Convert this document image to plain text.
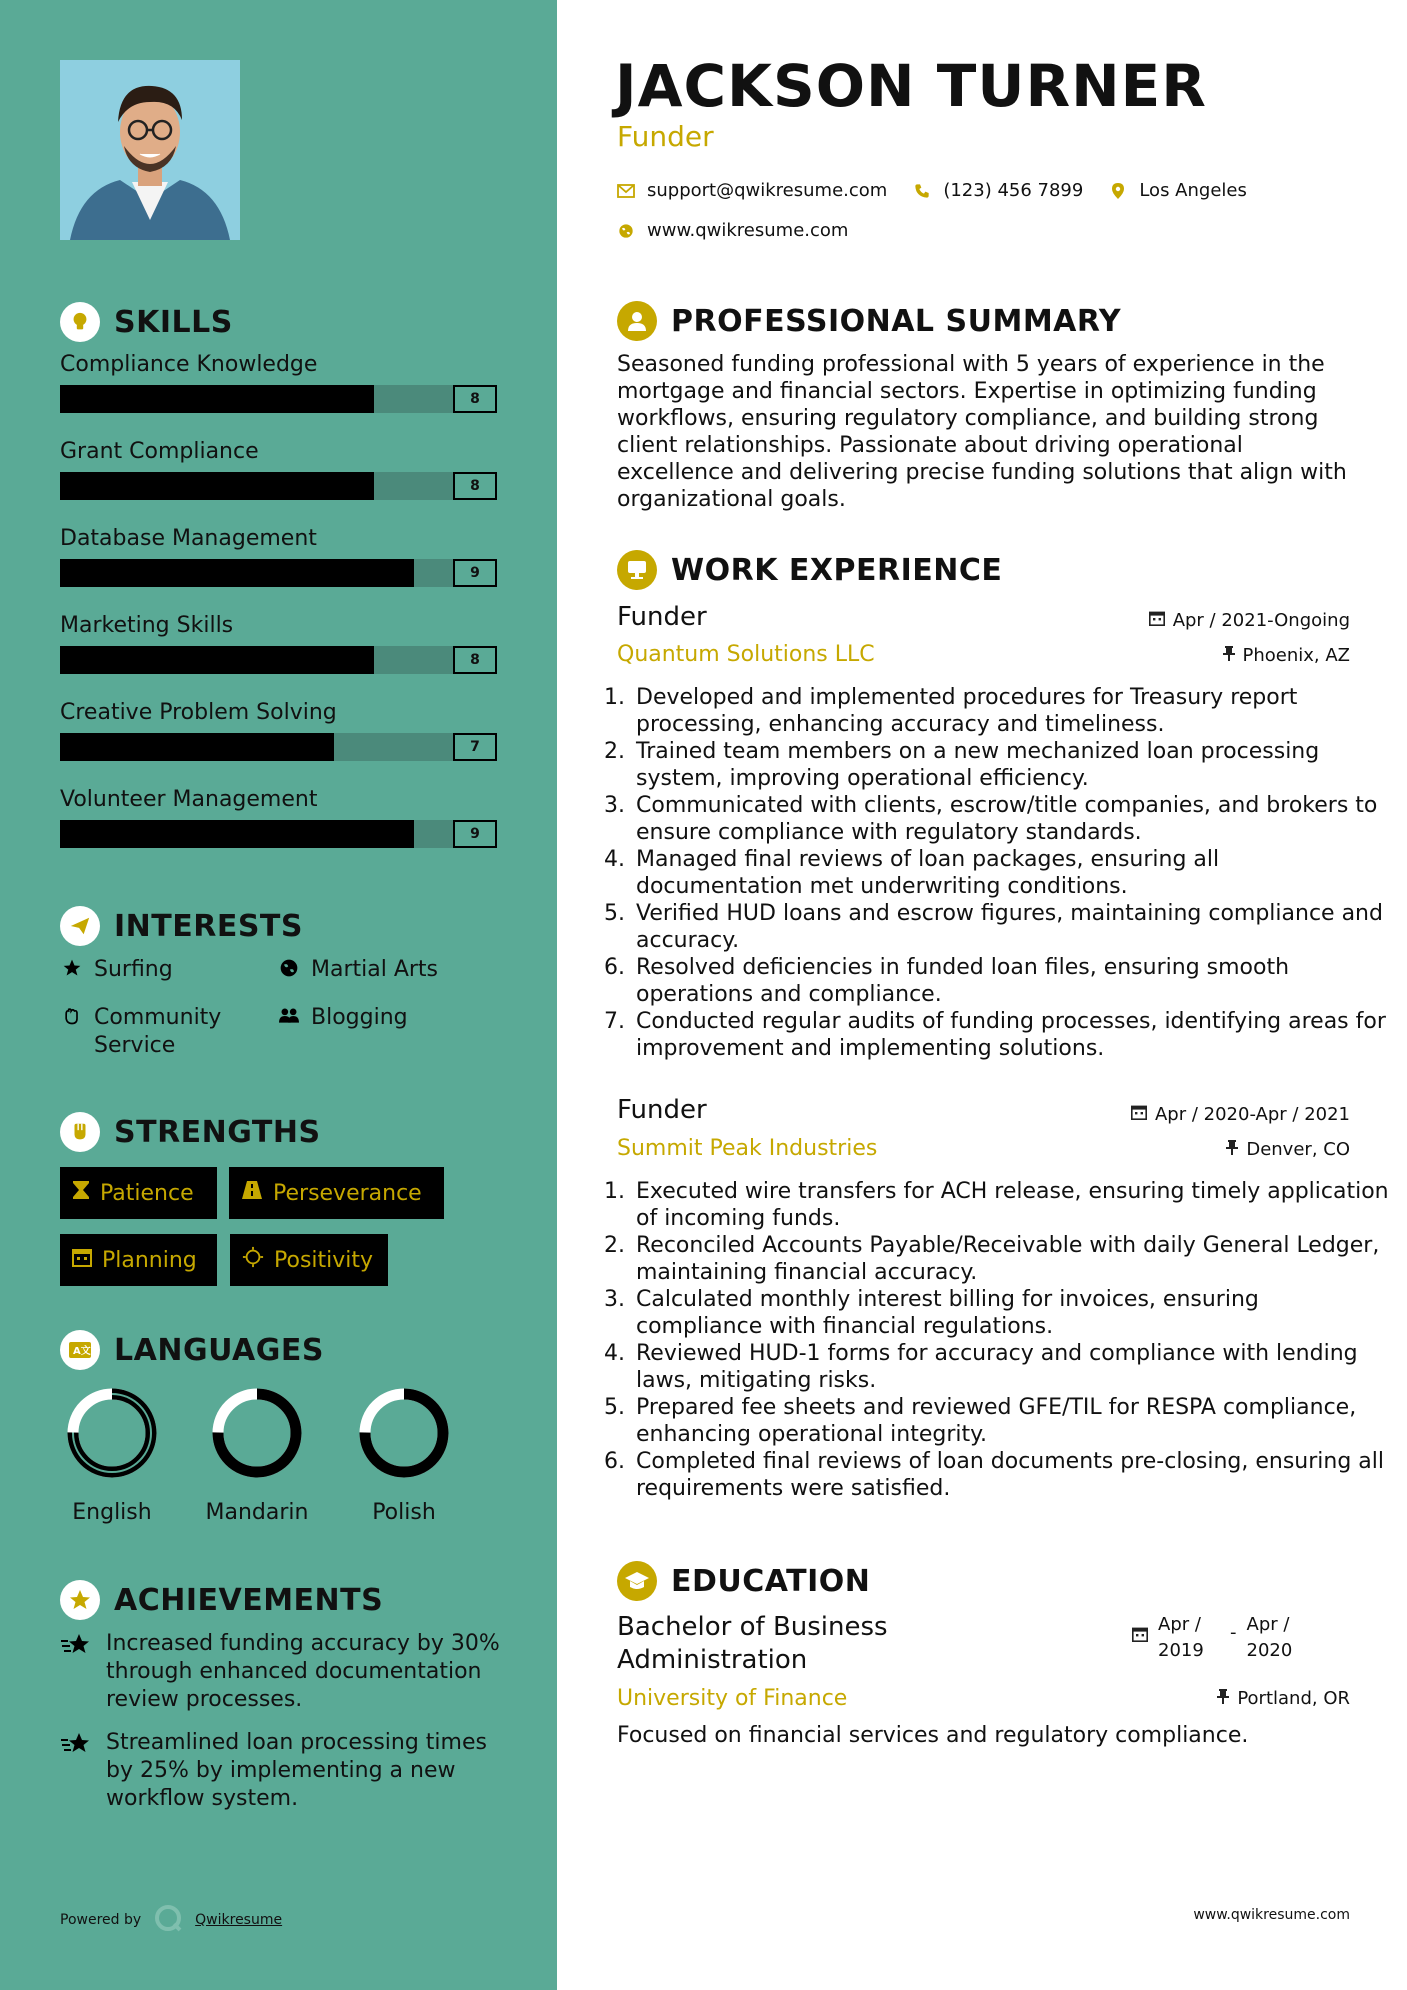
SKILLS
Compliance Knowledge
8
Grant Compliance
8
Database Management
9
Marketing Skills
8
Creative Problem Solving
7
Volunteer Management
9
INTERESTS
Surfing	Martial Arts
Community Service
Blogging
STRENGTHS
Patience	Perseverance
Planning	Positivity
A文 LANGUAGES
English	Mandarin	Polish
ACHIEVEMENTS
Increased funding accuracy by 30% through enhanced documentation review processes.
Streamlined loan processing times by 25% by implementing a new workflow system.
Powered by	Qwikresume
JACKSON TURNER
Funder
support@qwikresume.com	(123) 456 7899	Los Angeles
www.qwikresume.com
PROFESSIONAL SUMMARY
Seasoned funding professional with 5 years of experience in the mortgage and financial sectors. Expertise in optimizing funding workflows, ensuring regulatory compliance, and building strong client relationships. Passionate about driving operational excellence and delivering precise funding solutions that align with organizational goals.
WORK EXPERIENCE
Funder	Apr / 2021-Ongoing
Quantum Solutions LLC	Phoenix, AZ
1. Developed and implemented procedures for Treasury report processing, enhancing accuracy and timeliness.
2. Trained team members on a new mechanized loan processing system, improving operational efficiency.
3. Communicated with clients, escrow/title companies, and brokers to ensure compliance with regulatory standards.
4. Managed final reviews of loan packages, ensuring all documentation met underwriting conditions.
5. Verified HUD loans and escrow figures, maintaining compliance and accuracy.
6. Resolved deficiencies in funded loan files, ensuring smooth operations and compliance.
7. Conducted regular audits of funding processes, identifying areas for improvement and implementing solutions.
Funder	Apr / 2020-Apr / 2021
Summit Peak Industries	Denver, CO
1. Executed wire transfers for ACH release, ensuring timely application of incoming funds.
2. Reconciled Accounts Payable/Receivable with daily General Ledger, maintaining financial accuracy.
3. Calculated monthly interest billing for invoices, ensuring compliance with financial regulations.
4. Reviewed HUD-1 forms for accuracy and compliance with lending laws, mitigating risks.
5. Prepared fee sheets and reviewed GFE/TIL for RESPA compliance, enhancing operational integrity.
6. Completed final reviews of loan documents pre-closing, ensuring all requirements were satisfied.
EDUCATION
Bachelor of Business Administration
Apr / 2019
- Apr / 2020
University of Finance	Portland, OR
Focused on financial services and regulatory compliance.
www.qwikresume.com
